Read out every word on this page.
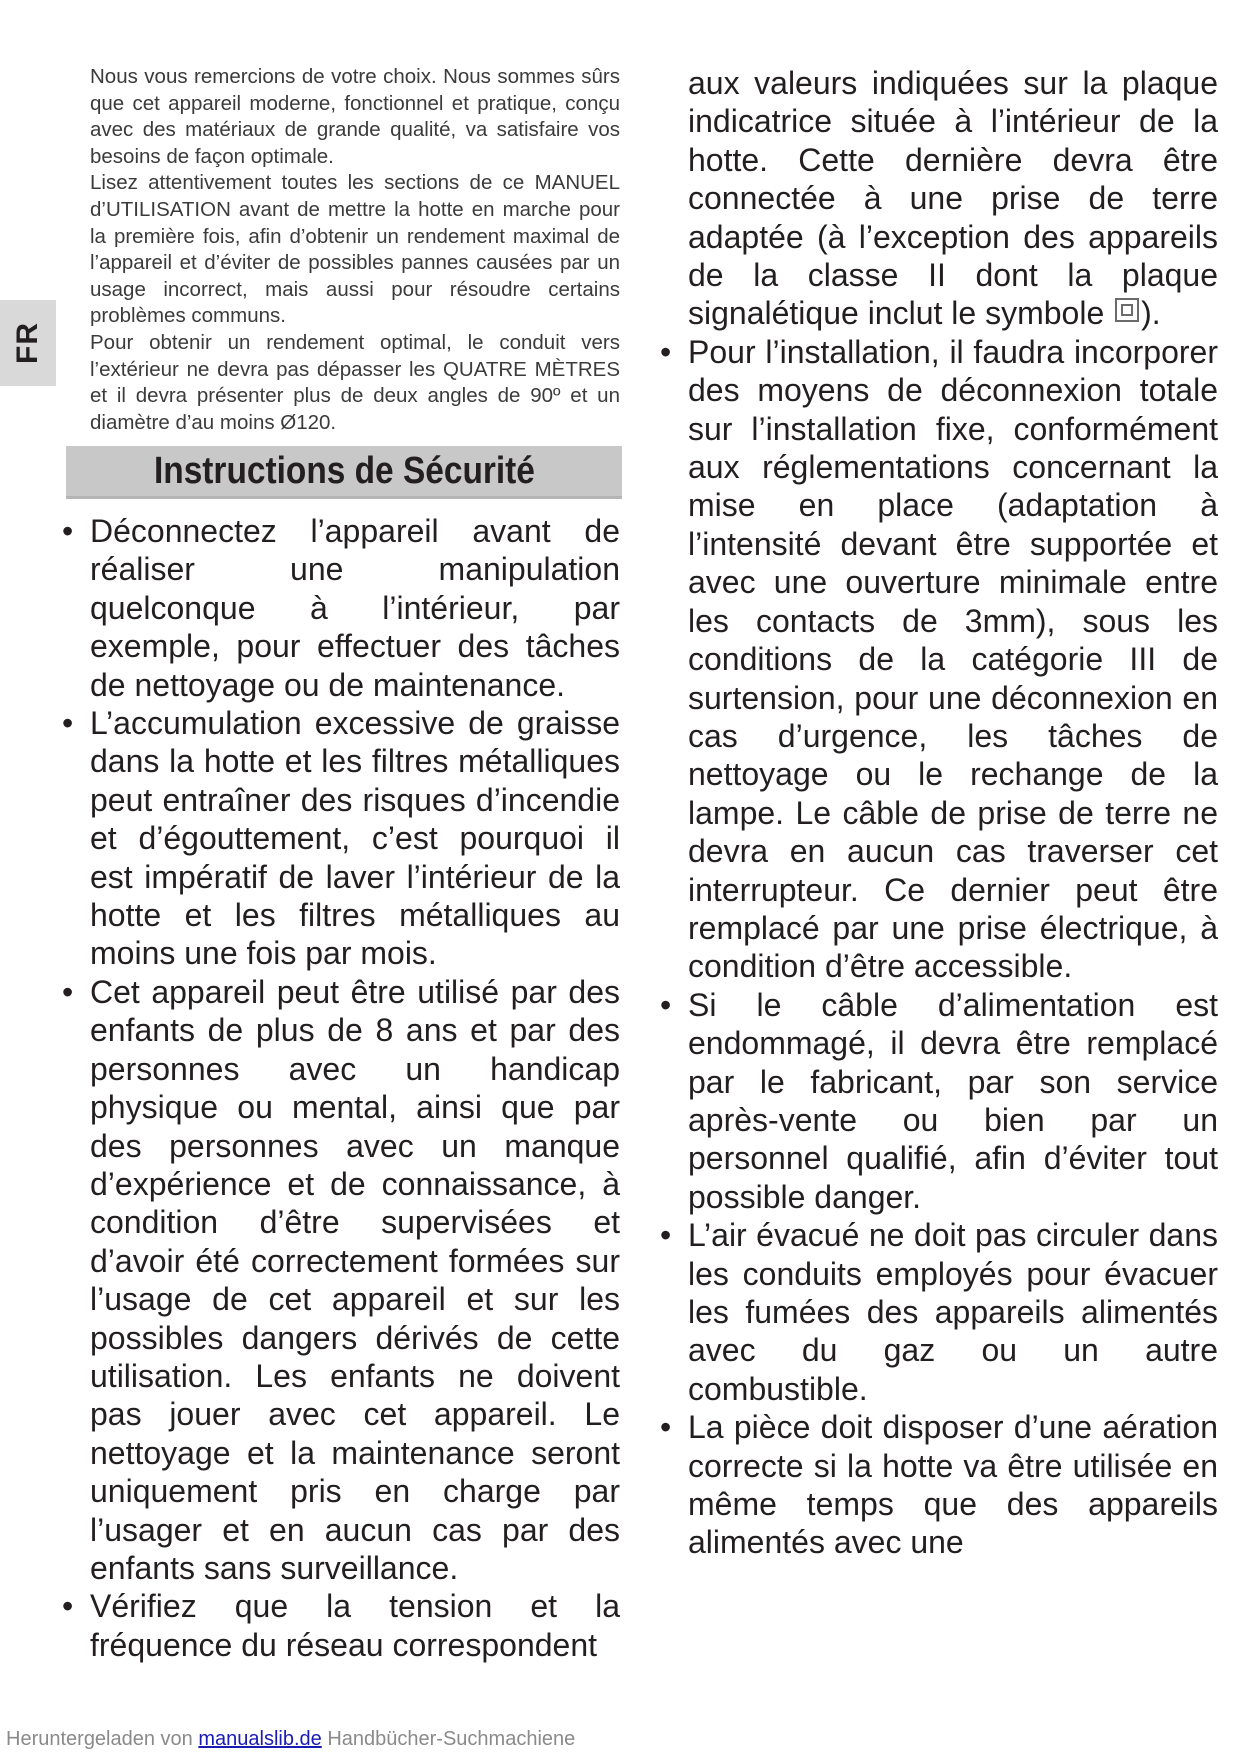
FR

Nous vous remercions de votre choix. Nous sommes sûrs que cet appareil moderne, fonctionnel et pratique, conçu avec des matériaux de grande qualité, va satisfaire vos besoins de façon optimale.

Lisez attentivement toutes les sections de ce MANUEL d’UTILISATION avant de mettre la hotte en marche pour la première fois, afin d’obtenir un rendement maximal de l’appareil et d’éviter de possibles pannes causées par un usage incorrect, mais aussi pour résoudre certains problèmes communs.

Pour obtenir un rendement optimal, le conduit vers l’extérieur ne devra pas dépasser les QUATRE MÈTRES et il devra présenter plus de deux angles de 90º et un diamètre d’au moins Ø120.

Instructions de Sécurité
• Déconnectez l’appareil avant de réaliser une manipulation quelconque à l’intérieur, par exemple, pour effectuer des tâches de nettoyage ou de maintenance.
• L’accumulation excessive de graisse dans la hotte et les filtres métalliques peut entraîner des risques d’incendie et d’égouttement, c’est pourquoi il est impératif de laver l’intérieur de la hotte et les filtres métalliques au moins une fois par mois.
• Cet appareil peut être utilisé par des enfants de plus de 8 ans et par des personnes avec un handicap physique ou mental, ainsi que par des personnes avec un manque d’expérience et de connaissance, à condition d’être supervisées et d’avoir été correctement formées sur l’usage de cet appareil et sur les possibles dangers dérivés de cette utilisation. Les enfants ne doivent pas jouer avec cet appareil. Le nettoyage et la maintenance seront uniquement pris en charge par l’usager et en aucun cas par des enfants sans surveillance.
• Vérifiez que la tension et la fréquence du réseau correspondent

aux valeurs indiquées sur la plaque indicatrice située à l’intérieur de la hotte. Cette dernière devra être connectée à une prise de terre adaptée (à l’exception des appareils de la classe II dont la plaque signalétique inclut le symbole ).

• Pour l’installation, il faudra incorporer des moyens de déconnexion totale sur l’installation fixe, conformément aux réglementations concernant la mise en place (adaptation à l’intensité devant être supportée et avec une ouverture minimale entre les contacts de 3mm), sous les conditions de la catégorie III de surtension, pour une déconnexion en cas d’urgence, les tâches de nettoyage ou le rechange de la lampe. Le câble de prise de terre ne devra en aucun cas traverser cet interrupteur. Ce dernier peut être remplacé par une prise électrique, à condition d’être accessible.
• Si le câble d’alimentation est endommagé, il devra être remplacé par le fabricant, par son service après-vente ou bien par un personnel qualifié, afin d’éviter tout possible danger.
• L’air évacué ne doit pas circuler dans les conduits employés pour évacuer les fumées des appareils alimentés avec du gaz ou un autre combustible.
• La pièce doit disposer d’une aération correcte si la hotte va être utilisée en même temps que des appareils alimentés avec une
Heruntergeladen von manualslib.de Handbücher-Suchmachiene
